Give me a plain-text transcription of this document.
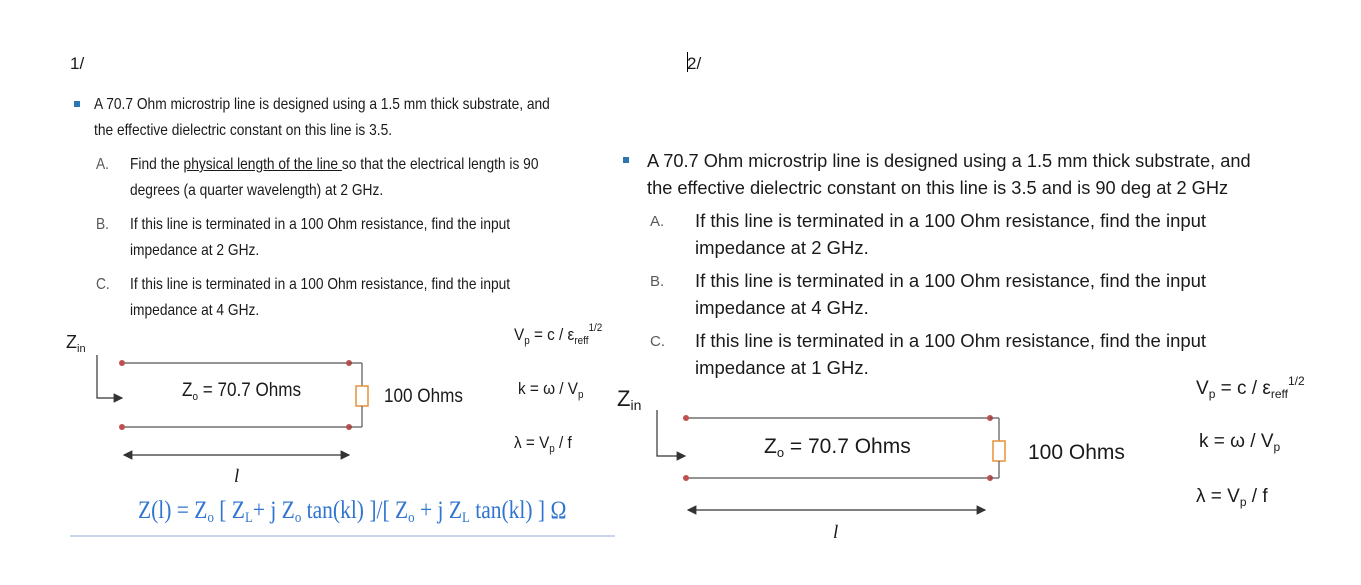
1/
A 70.7 Ohm microstrip line is designed using a 1.5 mm thick substrate, and
the effective dielectric constant on this line is 3.5.
A. Find the physical length of the line so that the electrical length is 90
degrees (a quarter wavelength) at 2 GHz.
B. If this line is terminated in a 100 Ohm resistance, find the input
impedance at 2 GHz.
C. If this line is terminated in a 100 Ohm resistance, find the input
impedance at 4 GHz.
$Z_{in}$
$Z_o = 70.7$ Ohms	100 Ohms
l
$V_p = c / \varepsilon_{reff}^{1/2}$
$k = \omega / V_p$
$\lambda = V_p / f$
$Z(l) = Z_o$ [ $Z_L+ j$ $Z_o$ tan(kl) ]/[ $Z_o + j$ $Z_L$ tan(kl) ] Ω
2/
A 70.7 Ohm microstrip line is designed using a 1.5 mm thick substrate, and
the effective dielectric constant on this line is 3.5 and is 90 deg at 2 GHz
A. If this line is terminated in a 100 Ohm resistance, find the input
impedance at 2 GHz.
B. If this line is terminated in a 100 Ohm resistance, find the input
impedance at 4 GHz.
C. If this line is terminated in a 100 Ohm resistance, find the input
impedance at 1 GHz.
$Z_{in}$
$Z_o = 70.7$ Ohms	100 Ohms
l
$V_p = c / \varepsilon_{reff}^{1/2}$
$k = \omega / V_p$
$\lambda = V_p / f$
